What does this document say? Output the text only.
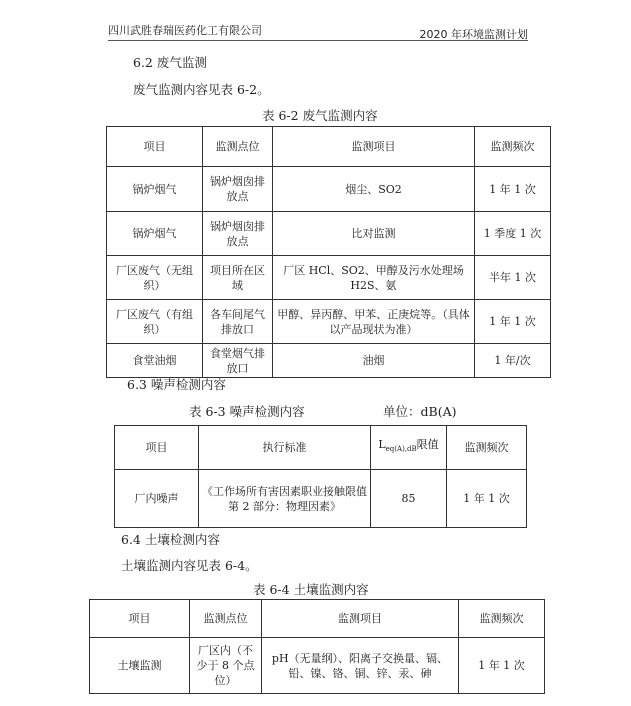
四川武胜春瑞医药化工有限公司	2020 年环境监测计划
6.2 废气监测
废气监测内容见表 6-2。
表 6-2 废气监测内容
项目	监测点位	监测项目	监测频次
锅炉烟气	锅炉烟囱排放点	烟尘、SO2	1 年 1 次
锅炉烟气	锅炉烟囱排放点	比对监测	1 季度 1 次
厂区废气（无组织）	项目所在区域	厂区 HCl、SO2、甲醇及污水处理场 H2S、氨	半年 1 次
厂区废气（有组织）	各车间尾气排放口	甲醇、异丙醇、甲苯、正庚烷等。（具体以产品现状为准）	1 年 1 次
食堂油烟	食堂烟气排放口	油烟	1 年/次
6.3 噪声检测内容
表 6-3 噪声检测内容	单位：dB(A)
项目	执行标准	$L_{eq(A),dB}$限值	监测频次
厂内噪声	《工作场所有害因素职业接触限值 第 2 部分：物理因素》	85	1 年 1 次
6.4 土壤检测内容
土壤监测内容见表 6-4。
表 6-4 土壤监测内容
项目	监测点位	监测项目	监测频次
土壤监测	厂区内（不少于 8 个点位）	pH（无量纲）、阳离子交换量、镉、铅、镍、铬、铜、锌、汞、砷	1 年 1 次
